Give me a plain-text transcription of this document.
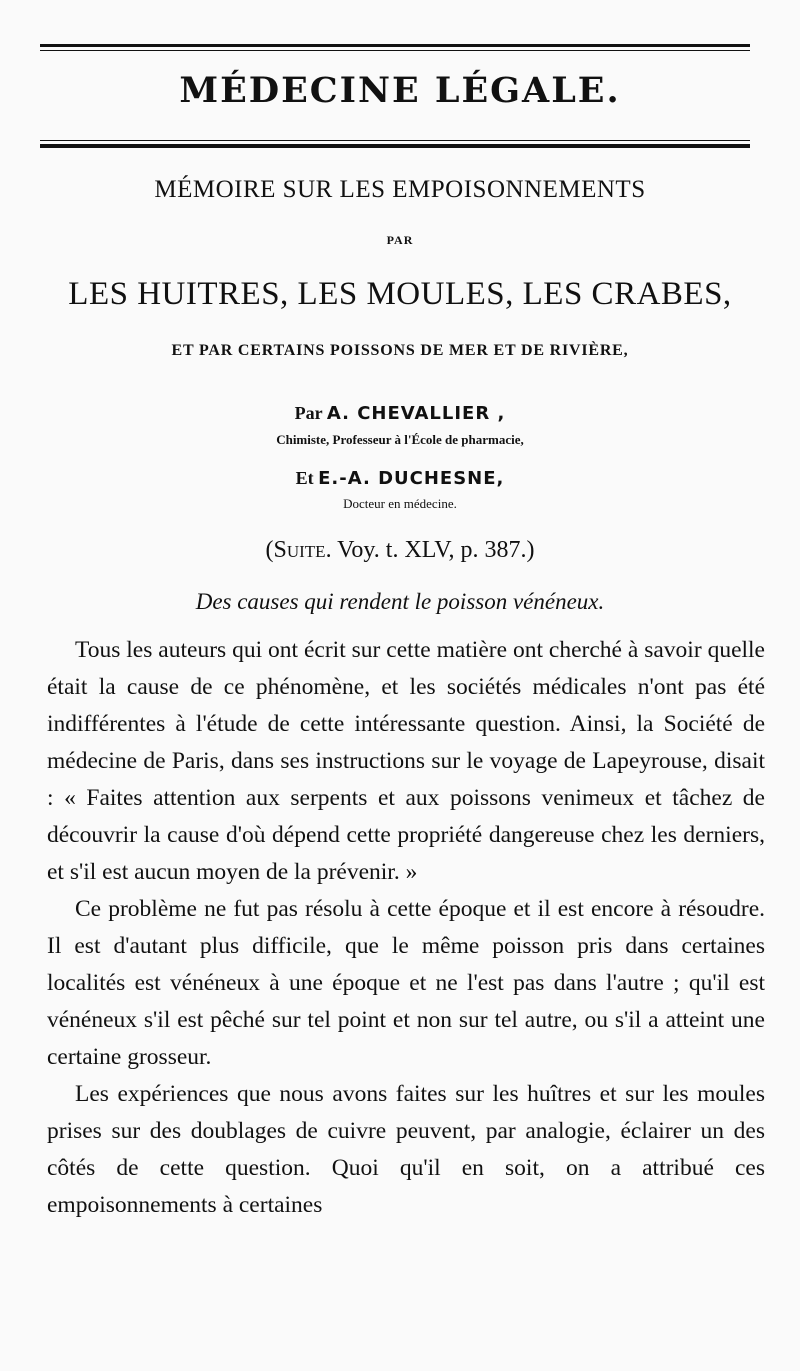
MÉDECINE LÉGALE.
MÉMOIRE SUR LES EMPOISONNEMENTS
PAR
LES HUITRES, LES MOULES, LES CRABES,
ET PAR CERTAINS POISSONS DE MER ET DE RIVIÈRE,
Par A. CHEVALLIER ,
Chimiste, Professeur à l'École de pharmacie,
Et E.-A. DUCHESNE,
Docteur en médecine.
(Suite. Voy. t. XLV, p. 387.)
Des causes qui rendent le poisson vénéneux.

Tous les auteurs qui ont écrit sur cette matière ont cherché à savoir quelle était la cause de ce phénomène, et les sociétés médicales n'ont pas été indifférentes à l'étude de cette intéressante question. Ainsi, la Société de médecine de Paris, dans ses instructions sur le voyage de Lapeyrouse, disait : « Faites attention aux serpents et aux poissons venimeux et tâchez de découvrir la cause d'où dépend cette propriété dangereuse chez les derniers, et s'il est aucun moyen de la prévenir. »

Ce problème ne fut pas résolu à cette époque et il est encore à résoudre. Il est d'autant plus difficile, que le même poisson pris dans certaines localités est vénéneux à une époque et ne l'est pas dans l'autre ; qu'il est vénéneux s'il est pêché sur tel point et non sur tel autre, ou s'il a atteint une certaine grosseur.

Les expériences que nous avons faites sur les huîtres et sur les moules prises sur des doublages de cuivre peuvent, par analogie, éclairer un des côtés de cette question. Quoi qu'il en soit, on a attribué ces empoisonnements à certaines
